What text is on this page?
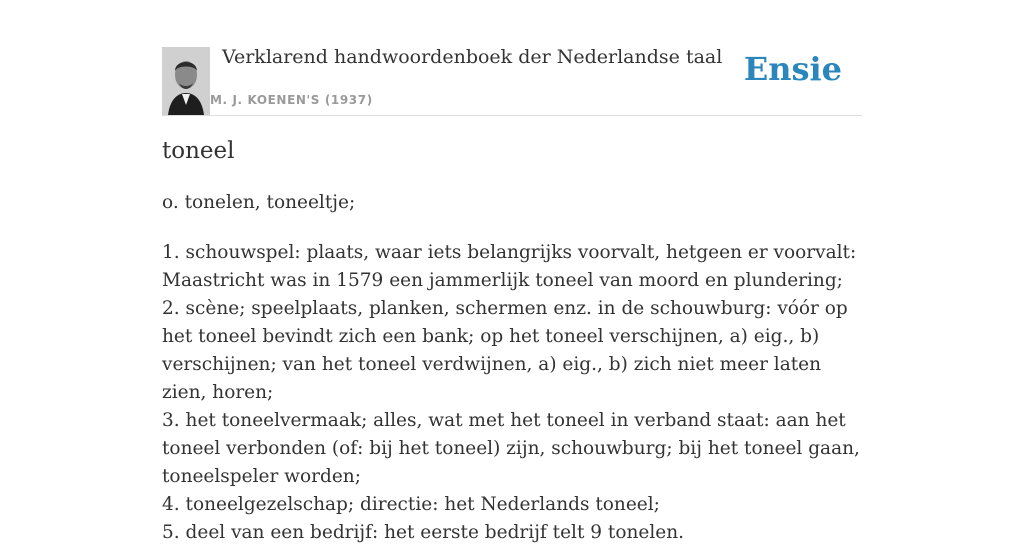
Verklarend handwoordenboek der Nederlandse taal
M. J. KOENEN'S (1937)
Ensie
toneel

o. tonelen, toneeltje;

1. schouwspel: plaats, waar iets belangrijks voorvalt, hetgeen er voorvalt: Maastricht was in 1579 een jammerlijk toneel van moord en plundering;
2. scène; speelplaats, planken, schermen enz. in de schouwburg: vóór op het toneel bevindt zich een bank; op het toneel verschijnen, a) eig., b) verschijnen; van het toneel verdwijnen, a) eig., b) zich niet meer laten zien, horen;
3. het toneelvermaak; alles, wat met het toneel in verband staat: aan het toneel verbonden (of: bij het toneel) zijn, schouwburg; bij het toneel gaan, toneelspeler worden;
4. toneelgezelschap; directie: het Nederlands toneel;
5. deel van een bedrijf: het eerste bedrijf telt 9 tonelen.
